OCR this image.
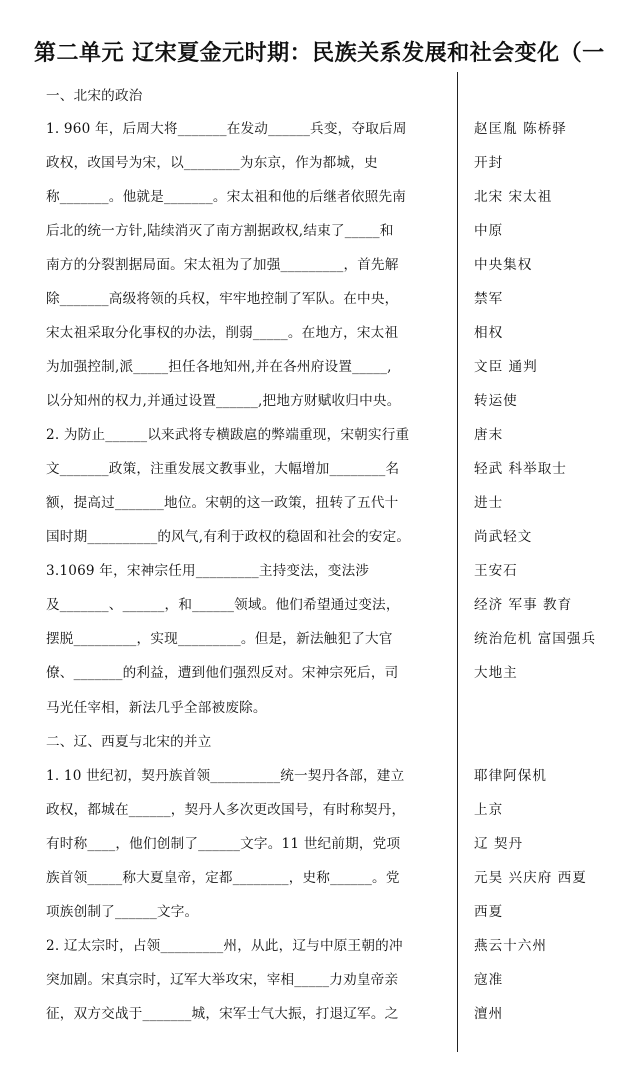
第二单元 辽宋夏金元时期：民族关系发展和社会变化（一
一、北宋的政治
1. 960 年，后周大将_______在发动______兵变，夺取后周
政权，改国号为宋，以________为东京，作为都城，史
称_______。他就是_______。宋太祖和他的后继者依照先南
后北的统一方针,陆续消灭了南方割据政权,结束了_____和
南方的分裂割据局面。宋太祖为了加强_________，首先解
除_______高级将领的兵权，牢牢地控制了军队。在中央，
宋太祖采取分化事权的办法，削弱_____。在地方，宋太祖
为加强控制,派_____担任各地知州,并在各州府设置_____,
以分知州的权力,并通过设置______,把地方财赋收归中央。
2. 为防止______以来武将专横跋扈的弊端重现，宋朝实行重
文_______政策，注重发展文教事业，大幅增加________名
额，提高过_______地位。宋朝的这一政策，扭转了五代十
国时期__________的风气,有利于政权的稳固和社会的安定。
3.1069 年，宋神宗任用_________主持变法，变法涉
及_______、______，和______领域。他们希望通过变法，
摆脱_________，实现_________。但是，新法触犯了大官
僚、_______的利益，遭到他们强烈反对。宋神宗死后，司
马光任宰相，新法几乎全部被废除。
二、辽、西夏与北宋的并立
1. 10 世纪初，契丹族首领__________统一契丹各部，建立
政权，都城在______，契丹人多次更改国号，有时称契丹，
有时称____，他们创制了______文字。11 世纪前期，党项
族首领_____称大夏皇帝，定都________，史称______。党
项族创制了______文字。
2. 辽太宗时，占领_________州，从此，辽与中原王朝的冲
突加剧。宋真宗时，辽军大举攻宋，宰相_____力劝皇帝亲
征，双方交战于_______城，宋军士气大振，打退辽军。之
赵匡胤 陈桥驿
开封
北宋 宋太祖
中原
中央集权
禁军
相权
文臣 通判
转运使
唐末
轻武 科举取士
进士
尚武轻文
王安石
经济 军事 教育
统治危机 富国强兵
大地主
耶律阿保机
上京
辽 契丹
元昊 兴庆府 西夏
西夏
燕云十六州
寇准
澶州
